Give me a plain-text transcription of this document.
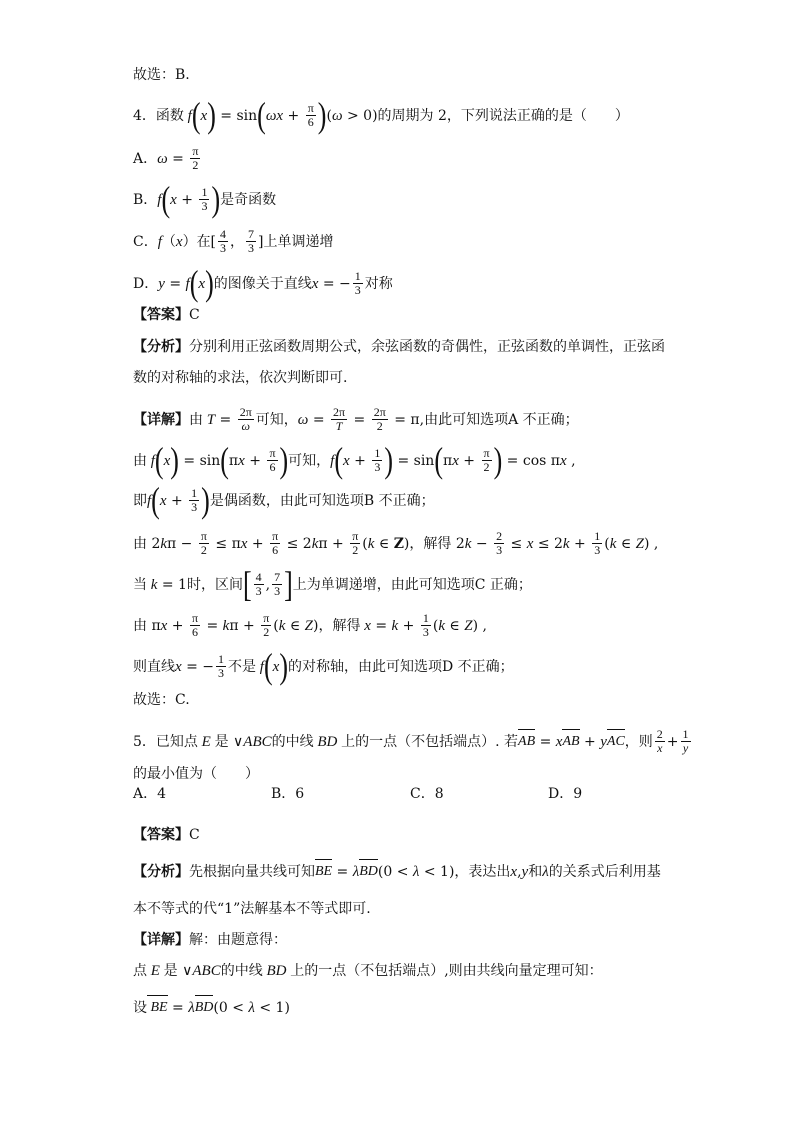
故选：B.
4．函数 f ( x ) = sin ( $\omega x + \frac{\pi}{6}$ ) ( ω > 0) 的周期为 2，下列说法正确的是（　　）
A． $\omega = \frac{\pi}{2}$
B． f ( $x + \frac{1}{3}$ ) 是奇函数
C． f （ x ） 在[ $\frac{4}{3}$ ， $\frac{7}{3}$ ]上单调递增
D． y = f ( x ) 的图像关于直线 x = − $\frac{1}{3}$ 对称
【答案】 C
【分析】 分别利用正弦函数周期公式，余弦函数的奇偶性，正弦函数的单调性，正弦函
数的对称轴的求法，依次判断即可.
【详解】 由 $T = \frac{2\pi}{\omega}$ 可知， $\omega = \frac{2\pi}{T} = \frac{2\pi}{2} = \pi$ , 由此可知选项A 不正确；
由 f ( x ) = sin ( π $x + \frac{\pi}{6}$ ) 可知， f ( $x + \frac{1}{3}$ ) = sin ( π $x + \frac{\pi}{2}$ ) = cos π x ,
即 f ( $x + \frac{1}{3}$ ) 是偶函数，由此可知选项B 不正确；
由 2 k $\pi - \frac{\pi}{2} \le \pi$ $x + \frac{\pi}{6} \le 2$ k $\pi + \frac{\pi}{2}$ ( k ∈ Z ) ，解得 2 $k - \frac{2}{3} \le x \le 2$ $k + \frac{1}{3}$ ( k ∈ Z ) ,
当 k = 1 时，区间 [ $\frac{4}{3}$ , $\frac{7}{3}$ ] 上为单调递增，由此可知选项C 正确；
由 π $x + \frac{\pi}{6} = k$ $\pi + \frac{\pi}{2}$ ( k ∈ Z ) ，解得 $x = k + \frac{1}{3}$ ( k ∈ Z ) ,
则直线 x = − $\frac{1}{3}$ 不是 f ( x ) 的对称轴，由此可知选项D 不正确；
故选：C.
5．已知点 E 是 ∨ ABC 的中线 BD 上的一点（不包括端点）. 若 AB = x AB + y AC ，则 $\frac{2}{x} + \frac{1}{y}$
的最小值为（　　）
A．4	B．6	C．8	D．9
【答案】 C
【分析】 先根据向量共线可知 BE = λ BD (0 < λ < 1) ，表达出 x , y 和 λ 的关系式后利用基
本不等式的代“1”法解基本不等式即可.
【详解】 解：由题意得：
点 E 是 ∨ ABC 的中线 BD 上的一点（不包括端点）,则由共线向量定理可知：
设 BE = λ BD (0 < λ < 1)
